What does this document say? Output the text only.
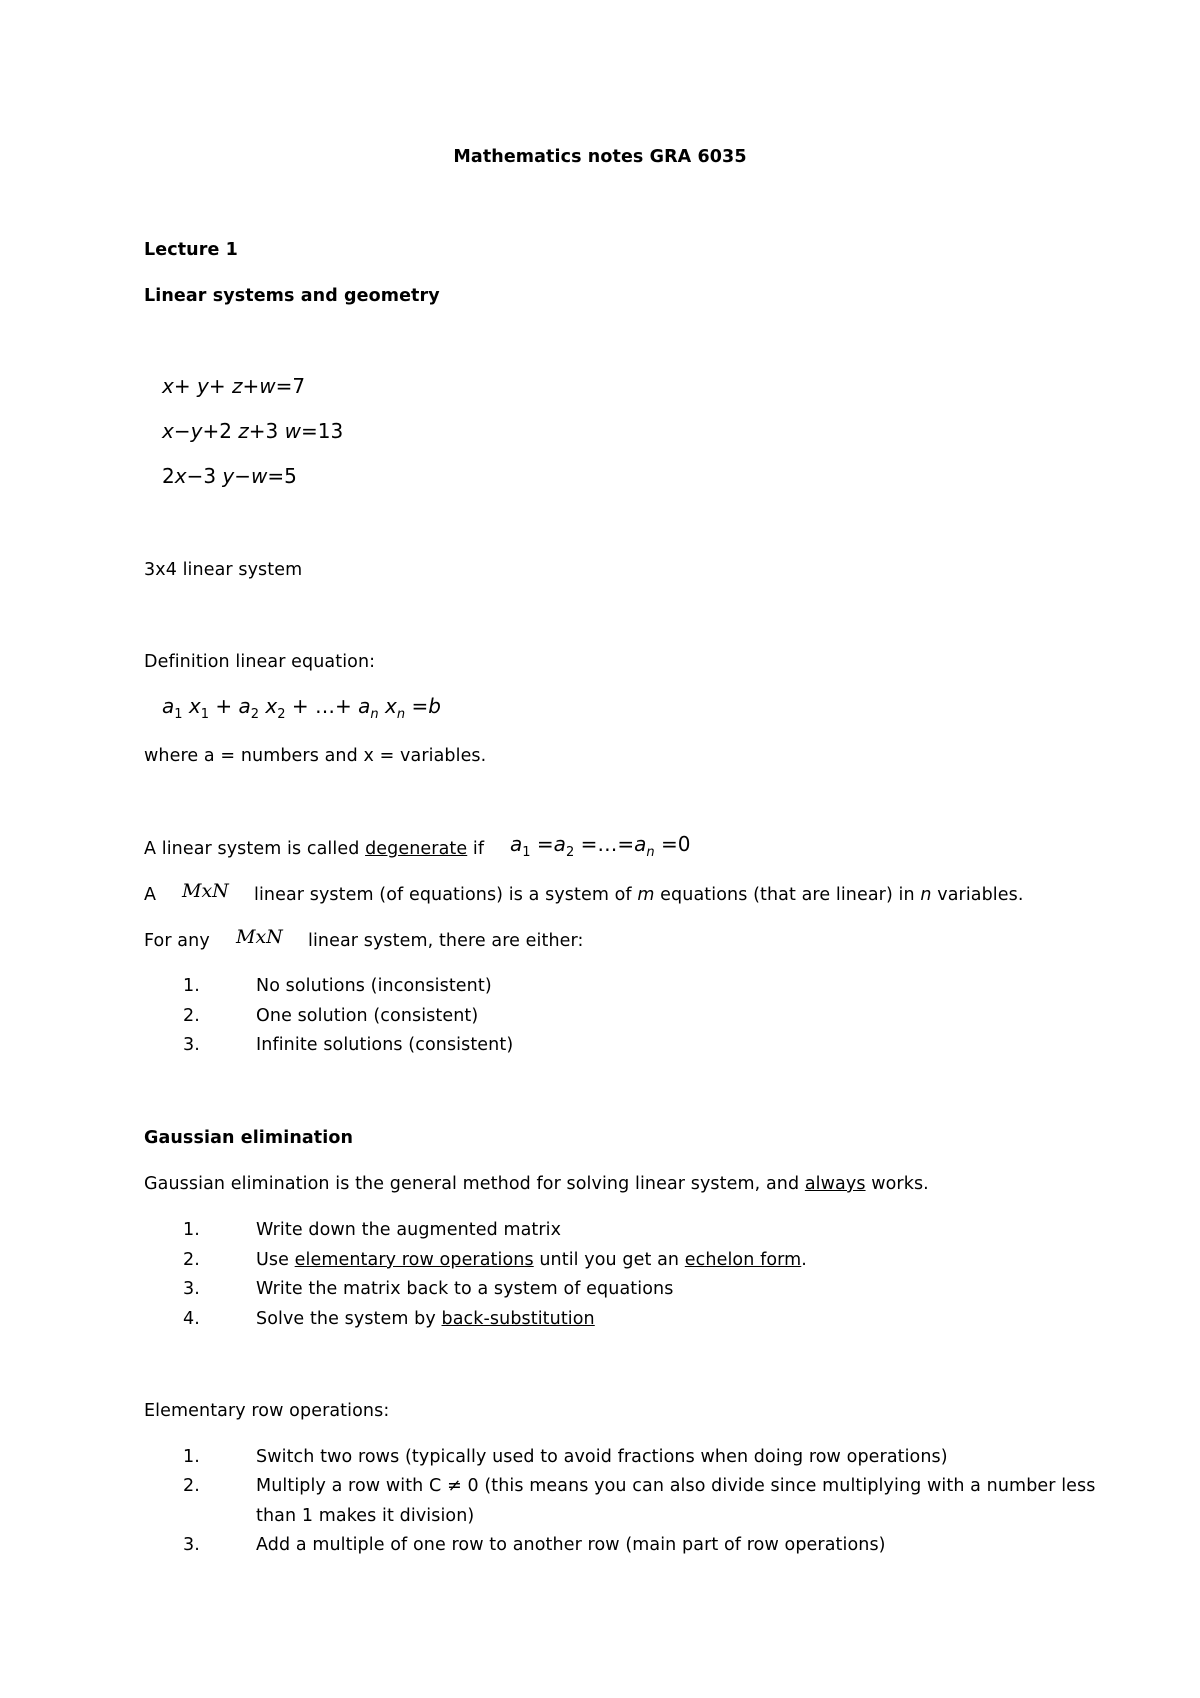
Mathematics notes GRA 6035
Lecture 1
Linear systems and geometry
x+ y+ z+w=7
x−y+2 z+3 w=13
2x−3 y−w=5
3x4 linear system
Definition linear equation:
$a_1$ $x_1 + a_2$ $x_2$ + …+ $a_n$ $x_n =b$
where a = numbers and x = variables.
A linear system is called degenerate if $a_1 =a_2$ $=\dots=a_n =0$
A MxN linear system (of equations) is a system of m equations (that are linear) in n variables.
For any MxN linear system, there are either:
1.	No solutions (inconsistent)
2.	One solution (consistent)
3.	Infinite solutions (consistent)
Gaussian elimination
Gaussian elimination is the general method for solving linear system, and always works.
1.	Write down the augmented matrix
2.	Use elementary row operations until you get an echelon form.
3.	Write the matrix back to a system of equations
4.	Solve the system by back-substitution
Elementary row operations:
1.	Switch two rows (typically used to avoid fractions when doing row operations)
2.	Multiply a row with C ≠ 0 (this means you can also divide since multiplying with a number less
than 1 makes it division)
3.	Add a multiple of one row to another row (main part of row operations)
